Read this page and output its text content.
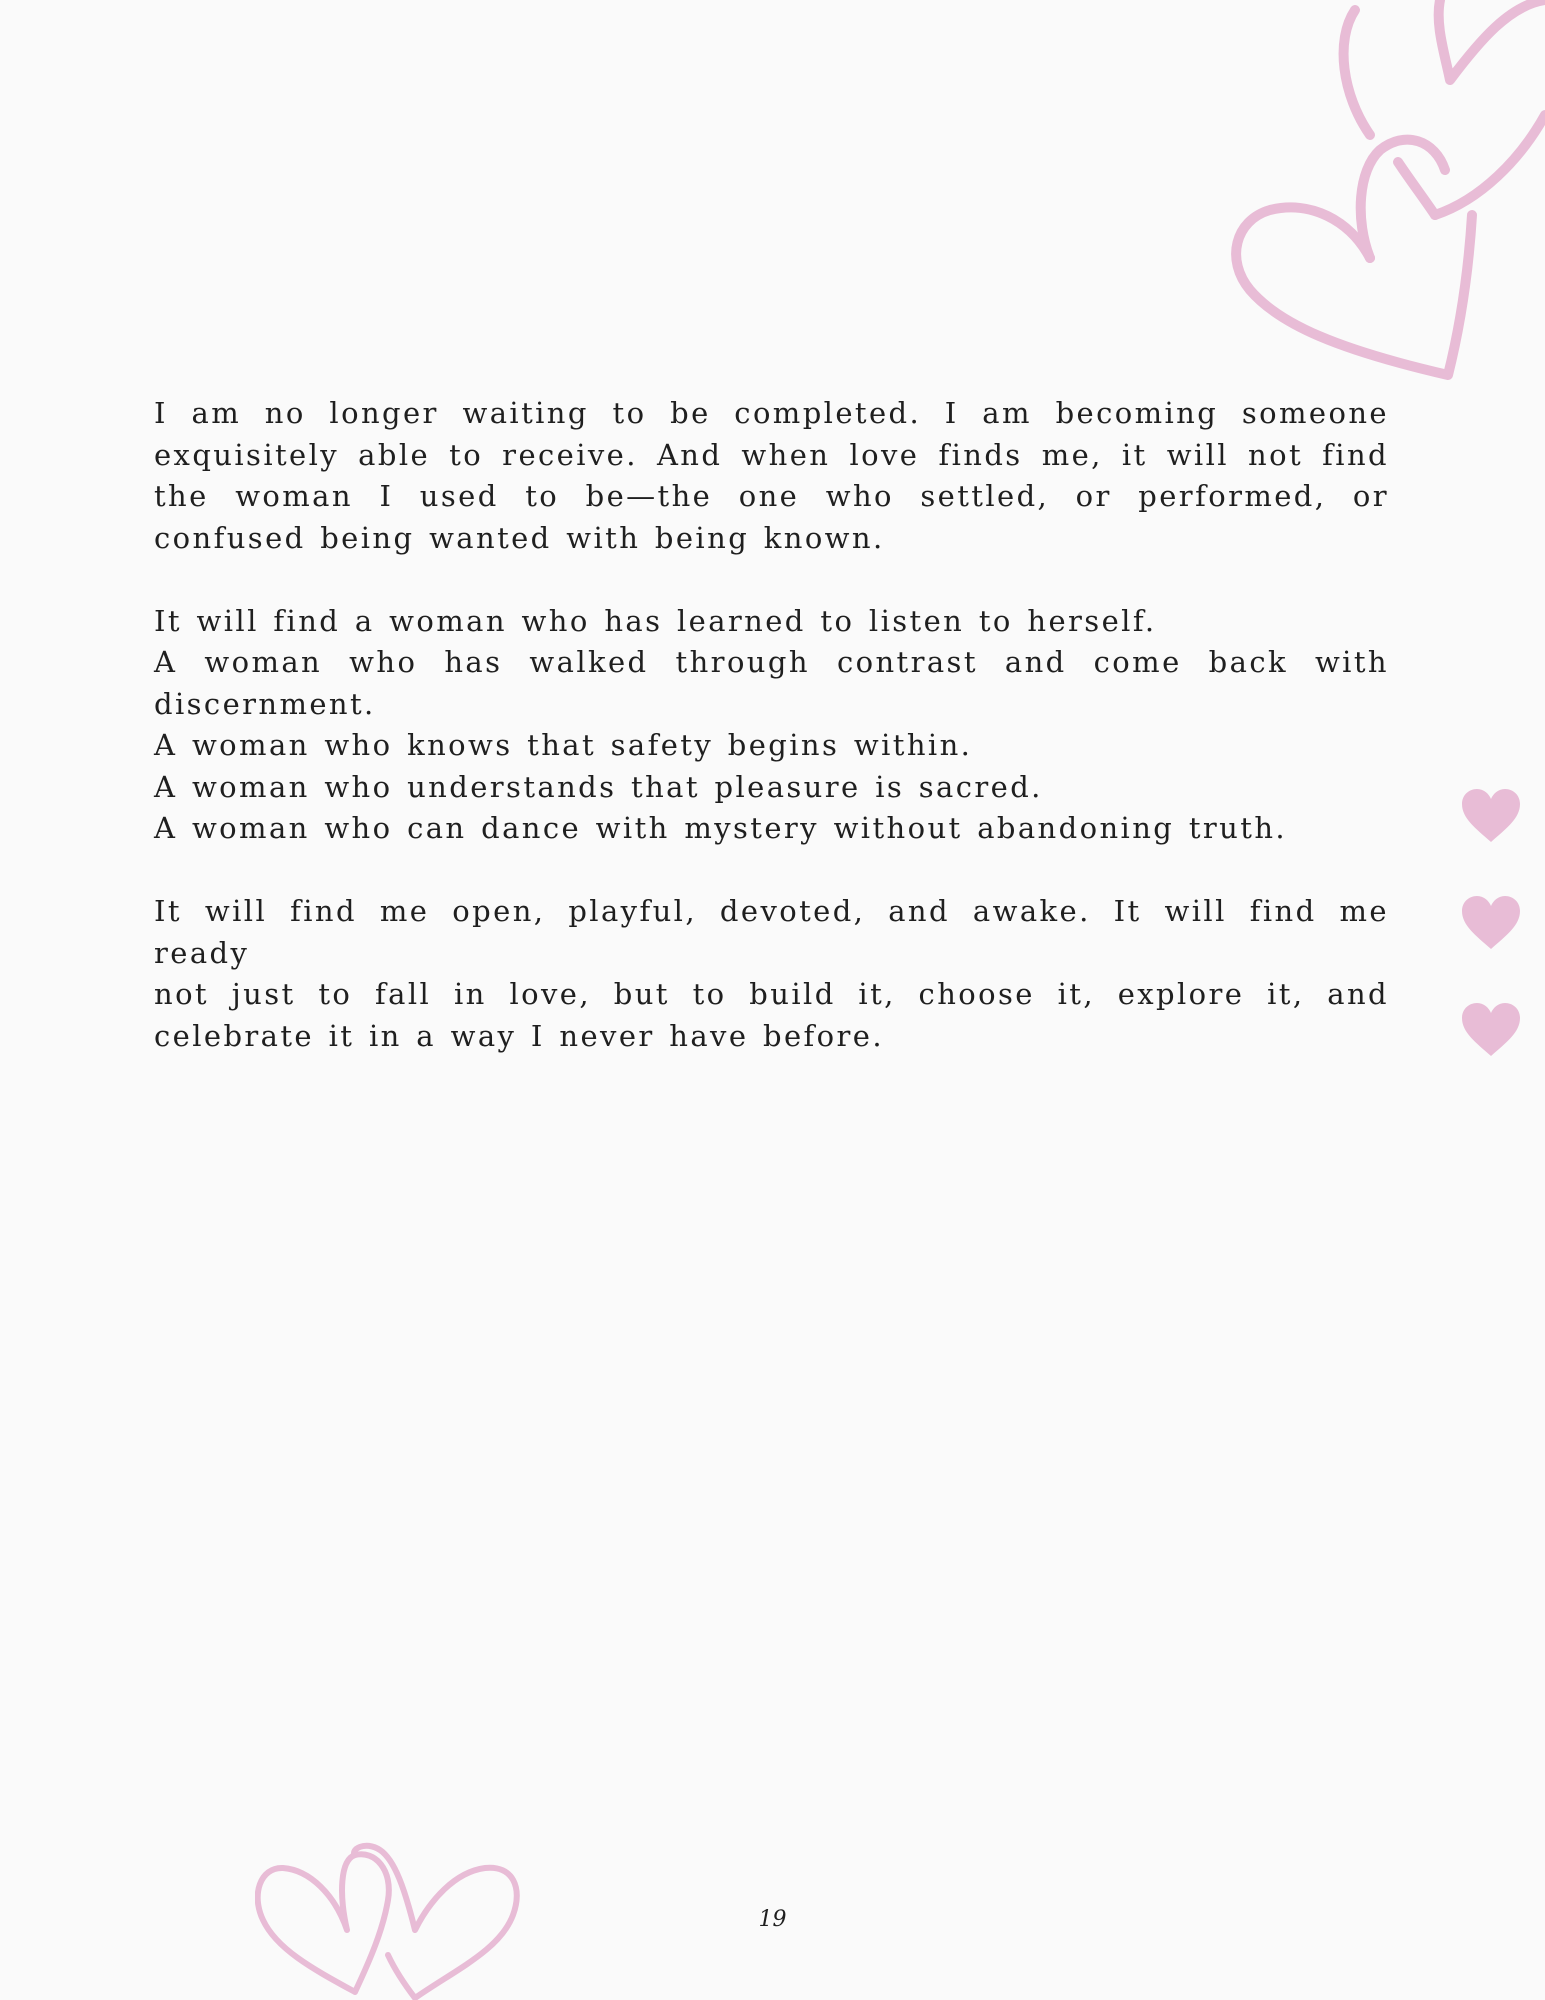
I am no longer waiting to be completed. I am becoming someone exquisitely able to receive. And when love finds me, it will not find the woman I used to be—the one who settled, or performed, or confused being wanted with being known.

It will find a woman who has learned to listen to herself.
A woman who has walked through contrast and come back with discernment.
A woman who knows that safety begins within.
A woman who understands that pleasure is sacred.
A woman who can dance with mystery without abandoning truth.
It will find me open, playful, devoted, and awake. It will find me ready
not just to fall in love, but to build it, choose it, explore it, and celebrate it in a way I never have before.
19
